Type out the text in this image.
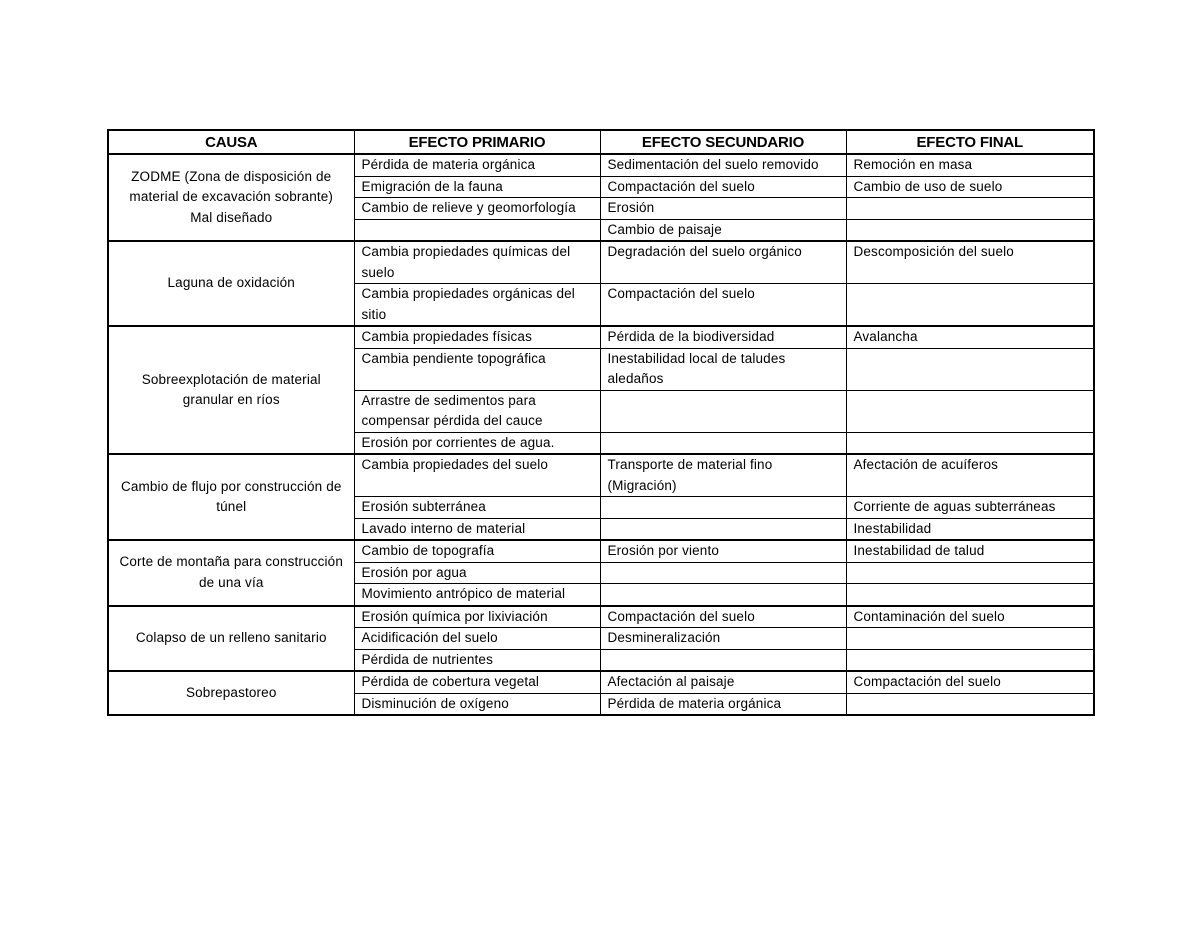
CAUSA	EFECTO PRIMARIO	EFECTO SECUNDARIO	EFECTO FINAL
ZODME (Zona de disposición de material de excavación sobrante) Mal diseñado	Pérdida de materia orgánica	Sedimentación del suelo removido	Remoción en masa
	Emigración de la fauna	Compactación del suelo	Cambio de uso de suelo
	Cambio de relieve y geomorfología	Erosión	
		Cambio de paisaje	
Laguna de oxidación	Cambia propiedades químicas del suelo	Degradación del suelo orgánico	Descomposición del suelo
	Cambia propiedades orgánicas del sitio	Compactación del suelo	
Sobreexplotación de material granular en ríos	Cambia propiedades físicas	Pérdida de la biodiversidad	Avalancha
	Cambia pendiente topográfica	Inestabilidad local de taludes aledaños	
	Arrastre de sedimentos para compensar pérdida del cauce		
	Erosión por corrientes de agua.		
Cambio de flujo por construcción de túnel	Cambia propiedades del suelo	Transporte de material fino (Migración)	Afectación de acuíferos
	Erosión subterránea		Corriente de aguas subterráneas
	Lavado interno de material		Inestabilidad
Corte de montaña para construcción de una vía	Cambio de topografía	Erosión por viento	Inestabilidad de talud
	Erosión por agua		
	Movimiento antrópico de material		
Colapso de un relleno sanitario	Erosión química por lixiviación	Compactación del suelo	Contaminación del suelo
	Acidificación del suelo	Desmineralización	
	Pérdida de nutrientes		
Sobrepastoreo	Pérdida de cobertura vegetal	Afectación al paisaje	Compactación del suelo
	Disminución de oxígeno	Pérdida de materia orgánica	
